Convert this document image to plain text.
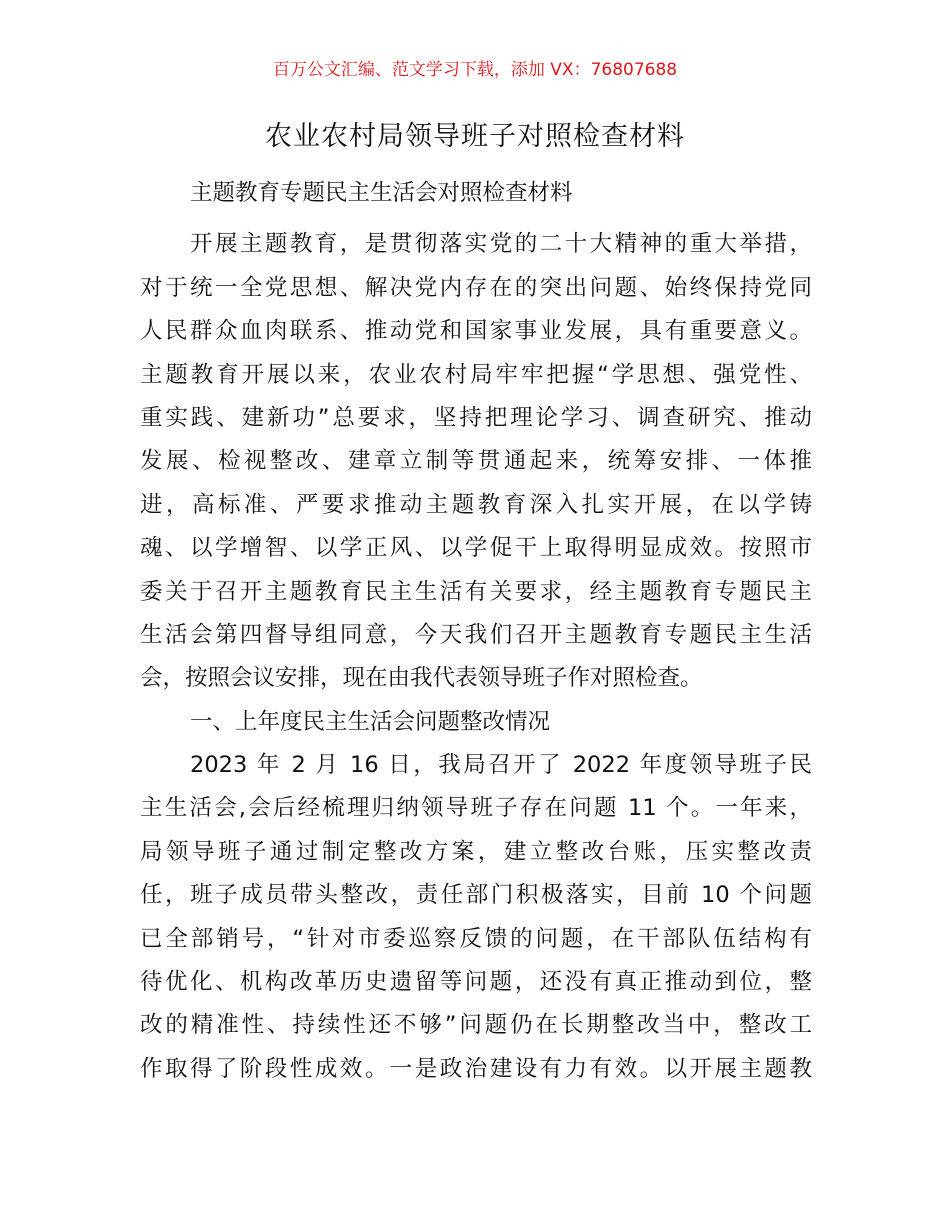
百万公文汇编、范文学习下载，添加 VX：76807688
农业农村局领导班子对照检查材料
主题教育专题民主生活会对照检查材料
开展主题教育，是贯彻落实党的二十大精神的重大举措，
对于统一全党思想、解决党内存在的突出问题、始终保持党同
人民群众血肉联系、推动党和国家事业发展，具有重要意义。
主题教育开展以来，农业农村局牢牢把握“学思想、强党性、
重实践、建新功”总要求，坚持把理论学习、调查研究、推动
发展、检视整改、建章立制等贯通起来，统筹安排、一体推
进，高标准、严要求推动主题教育深入扎实开展，在以学铸
魂、以学增智、以学正风、以学促干上取得明显成效。按照市
委关于召开主题教育民主生活有关要求，经主题教育专题民主
生活会第四督导组同意，今天我们召开主题教育专题民主生活
会，按照会议安排，现在由我代表领导班子作对照检查。
一、上年度民主生活会问题整改情况
2023 年 2 月 16 日，我局召开了 2022 年度领导班子民
主生活会,会后经梳理归纳领导班子存在问题 11 个。一年来，
局领导班子通过制定整改方案，建立整改台账，压实整改责
任，班子成员带头整改，责任部门积极落实，目前 10 个问题
已全部销号，“针对市委巡察反馈的问题，在干部队伍结构有
待优化、机构改革历史遗留等问题，还没有真正推动到位，整
改的精准性、持续性还不够”问题仍在长期整改当中，整改工
作取得了阶段性成效。一是政治建设有力有效。以开展主题教
